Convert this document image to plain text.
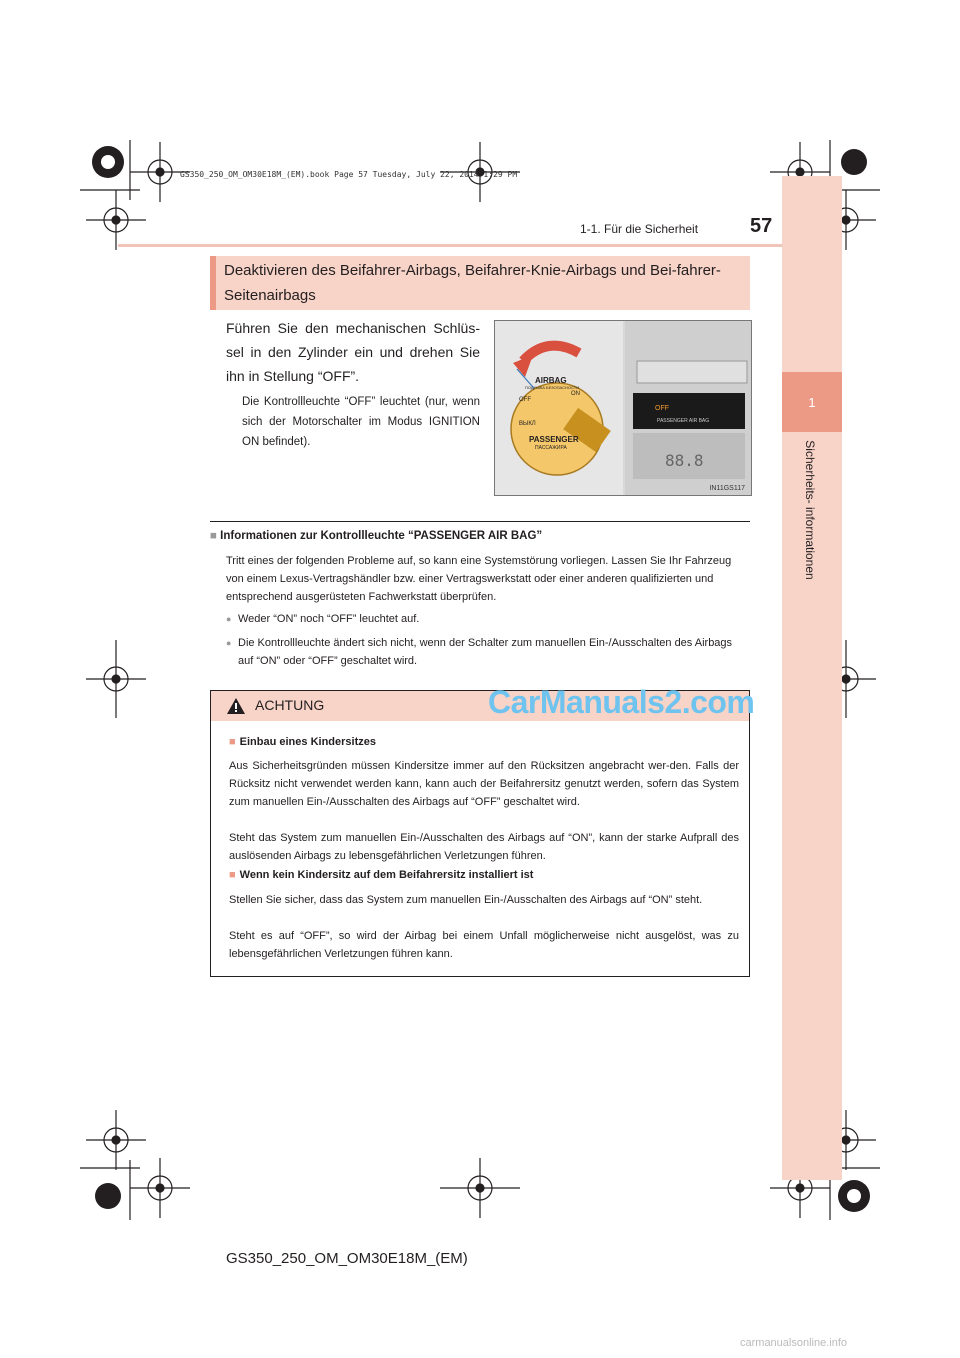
GS350_250_OM_OM30E18M_(EM).book Page 57 Tuesday, July 22, 2014 1:29 PM
1-1. Für die Sicherheit	57
1
Sicherheits- informationen
Deaktivieren des Beifahrer-Airbags, Beifahrer-Knie-Airbags und Bei-fahrer-Seitenairbags
Führen Sie den mechanischen Schlüs-sel in den Zylinder ein und drehen Sie ihn in Stellung “OFF”.
Die Kontrollleuchte “OFF” leuchtet (nur, wenn sich der Motorschalter im Modus IGNITION ON befindet).
AIRBAG
ПОДУШКА БЕЗОПАСНОСТИ
OFF
ON
ВЫКЛ
PASSENGER
ПАССАЖИРА
OFF
PASSENGER AIR BAG
88.8
IN11GS117
■ Informationen zur Kontrollleuchte “PASSENGER AIR BAG”
Tritt eines der folgenden Probleme auf, so kann eine Systemstörung vorliegen. Lassen Sie Ihr Fahrzeug von einem Lexus-Vertragshändler bzw. einer Vertragswerkstatt oder einer anderen qualifizierten und entsprechend ausgerüsteten Fachwerkstatt überprüfen.
● Weder “ON” noch “OFF” leuchtet auf.
● Die Kontrollleuchte ändert sich nicht, wenn der Schalter zum manuellen Ein-/Ausschalten des Airbags auf “ON” oder “OFF” geschaltet wird.
ACHTUNG
■ Einbau eines Kindersitzes
Aus Sicherheitsgründen müssen Kindersitze immer auf den Rücksitzen angebracht wer-den. Falls der Rücksitz nicht verwendet werden kann, kann auch der Beifahrersitz genutzt werden, sofern das System zum manuellen Ein-/Ausschalten des Airbags auf “OFF” geschaltet wird.
Steht das System zum manuellen Ein-/Ausschalten des Airbags auf “ON”, kann der starke Aufprall des auslösenden Airbags zu lebensgefährlichen Verletzungen führen.
■ Wenn kein Kindersitz auf dem Beifahrersitz installiert ist
Stellen Sie sicher, dass das System zum manuellen Ein-/Ausschalten des Airbags auf “ON” steht.
Steht es auf “OFF”, so wird der Airbag bei einem Unfall möglicherweise nicht ausgelöst, was zu lebensgefährlichen Verletzungen führen kann.
CarManuals2.com
GS350_250_OM_OM30E18M_(EM)
carmanualsonline.info
